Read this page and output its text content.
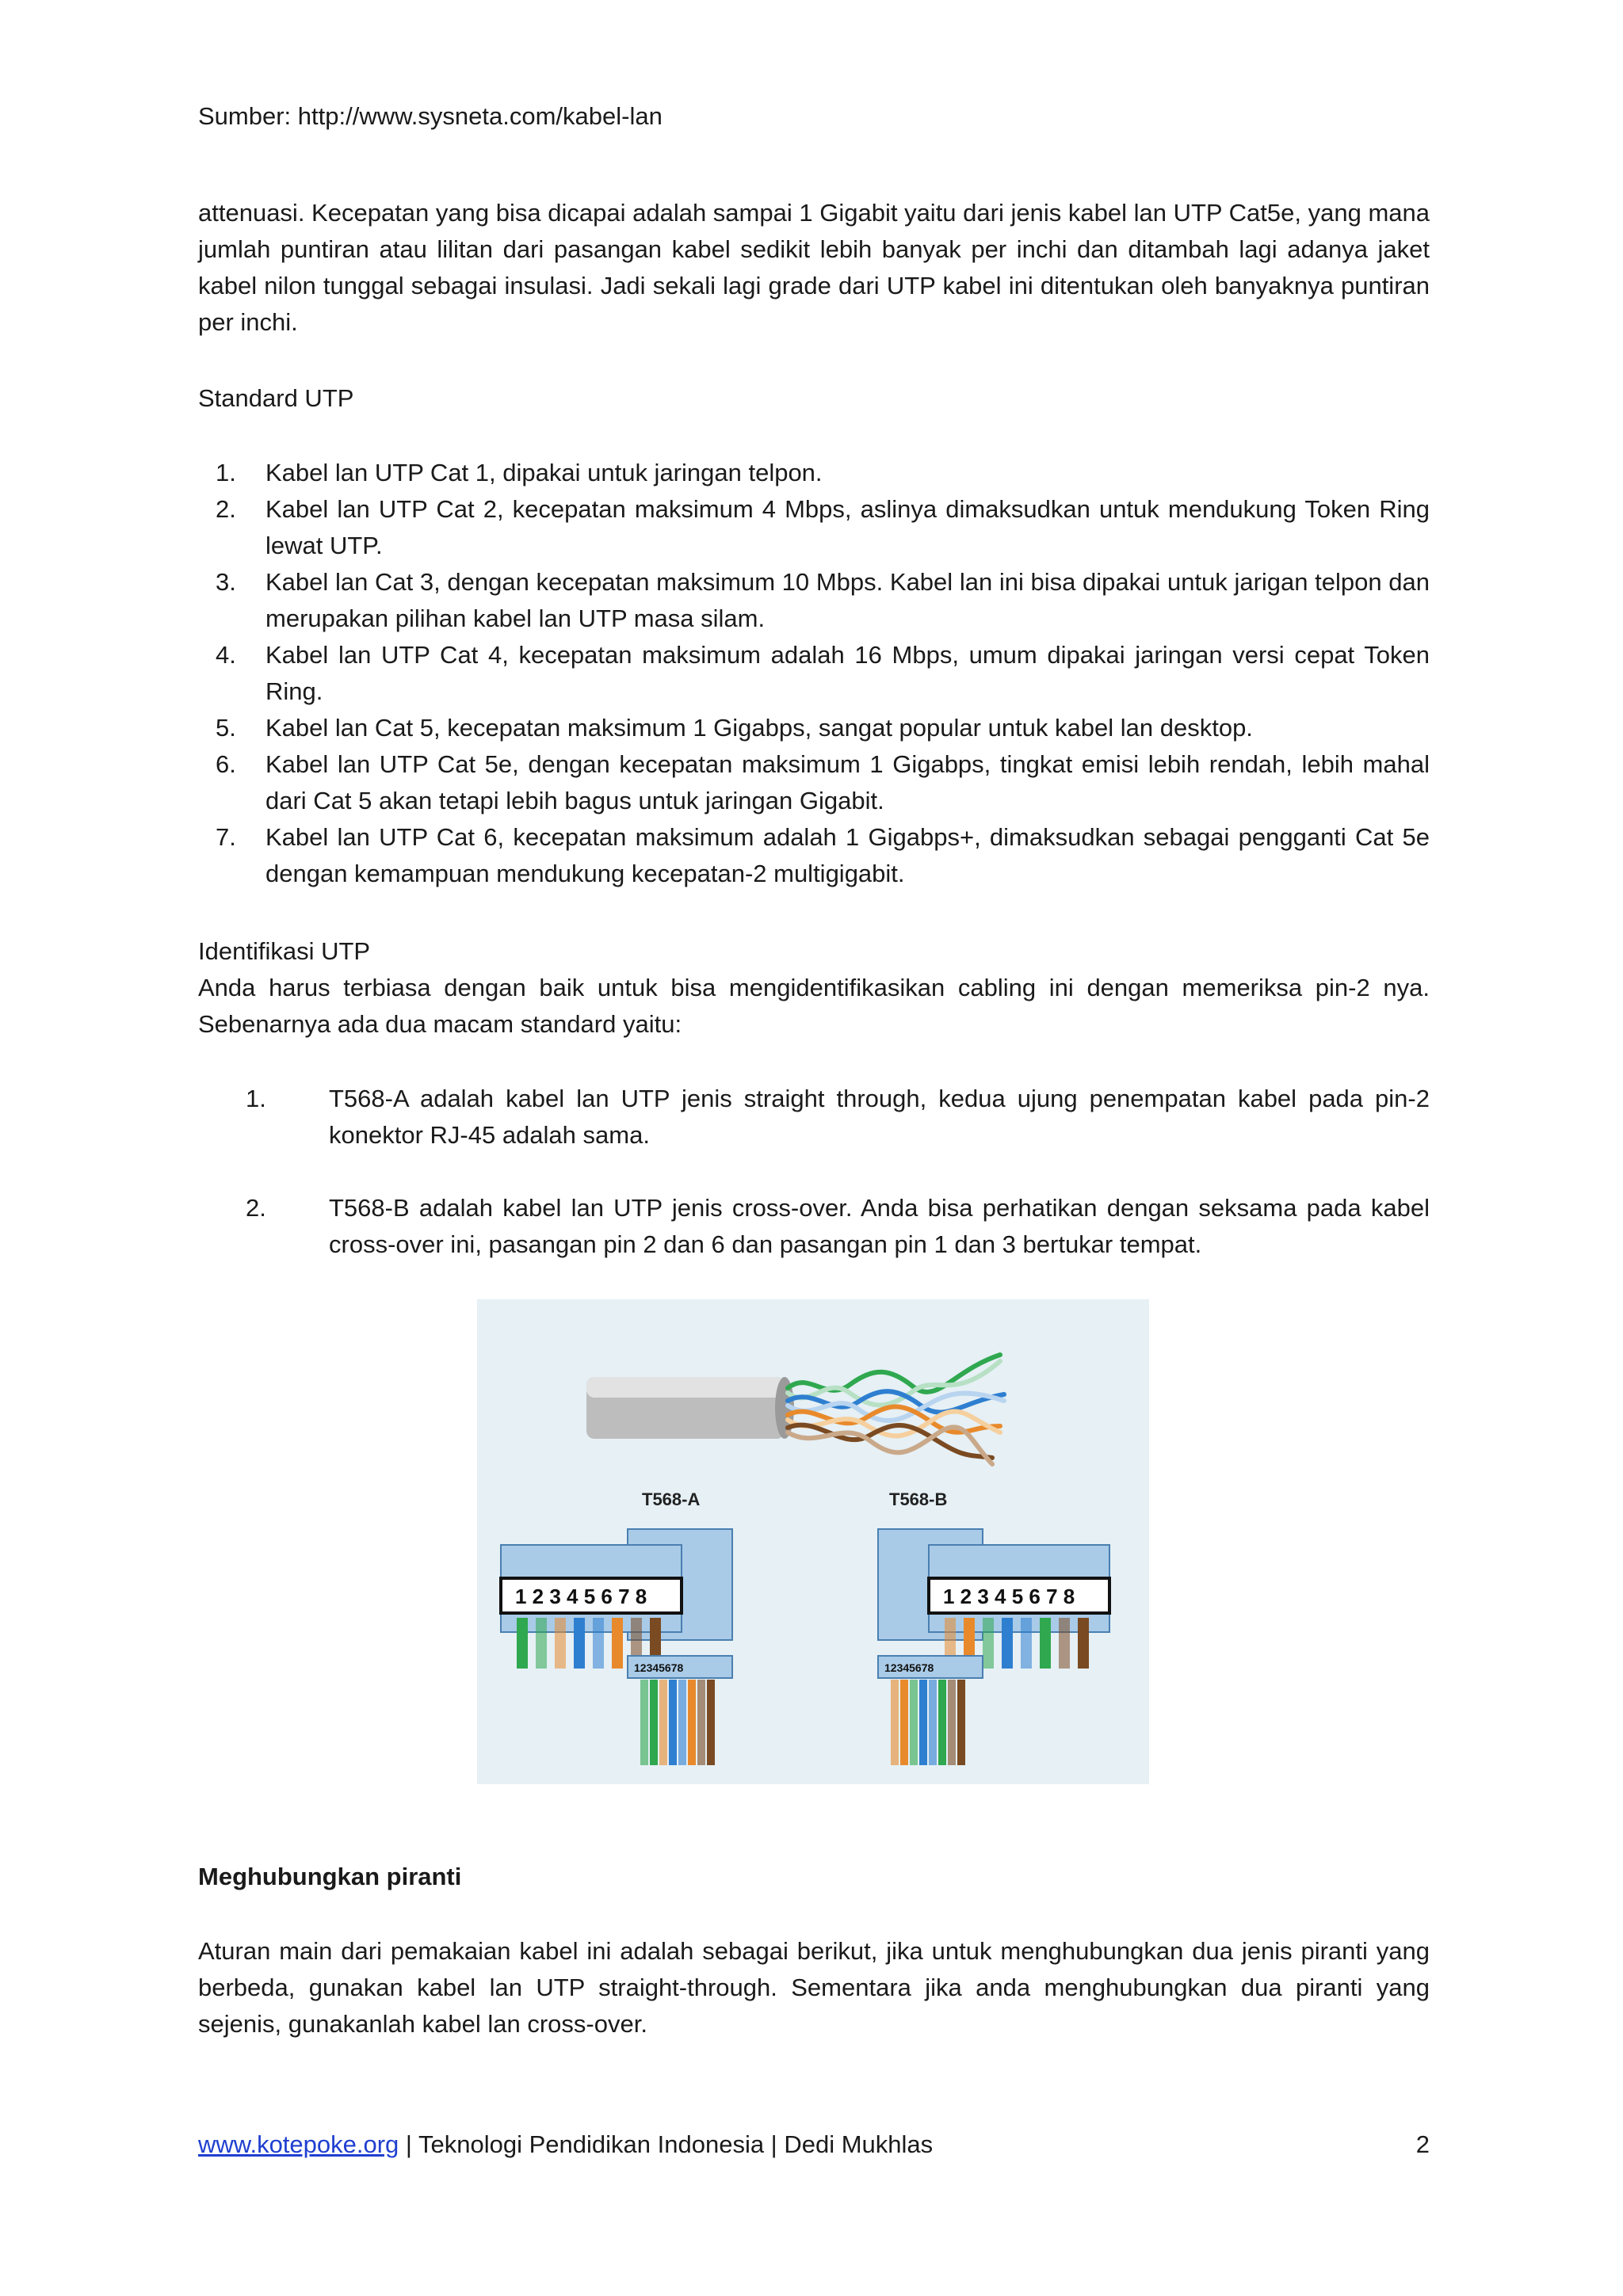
Sumber: http://www.sysneta.com/kabel-lan
attenuasi. Kecepatan yang bisa dicapai adalah sampai 1 Gigabit yaitu dari jenis kabel lan UTP Cat5e, yang mana jumlah puntiran atau lilitan dari pasangan kabel sedikit lebih banyak per inchi dan ditambah lagi adanya jaket kabel nilon tunggal sebagai insulasi. Jadi sekali lagi grade dari UTP kabel ini ditentukan oleh banyaknya puntiran per inchi.
Standard UTP
1. Kabel lan UTP Cat 1, dipakai untuk jaringan telpon.
2. Kabel lan UTP Cat 2, kecepatan maksimum 4 Mbps, aslinya dimaksudkan untuk mendukung Token Ring lewat UTP.
3. Kabel lan Cat 3, dengan kecepatan maksimum 10 Mbps. Kabel lan ini bisa dipakai untuk jarigan telpon dan merupakan pilihan kabel lan UTP masa silam.
4. Kabel lan UTP Cat 4, kecepatan maksimum adalah 16 Mbps, umum dipakai jaringan versi cepat Token Ring.
5. Kabel lan Cat 5, kecepatan maksimum 1 Gigabps, sangat popular untuk kabel lan desktop.
6. Kabel lan UTP Cat 5e, dengan kecepatan maksimum 1 Gigabps, tingkat emisi lebih rendah, lebih mahal dari Cat 5 akan tetapi lebih bagus untuk jaringan Gigabit.
7. Kabel lan UTP Cat 6, kecepatan maksimum adalah 1 Gigabps+, dimaksudkan sebagai pengganti Cat 5e dengan kemampuan mendukung kecepatan-2 multigigabit.
Identifikasi UTP
Anda harus terbiasa dengan baik untuk bisa mengidentifikasikan cabling ini dengan memeriksa pin-2 nya. Sebenarnya ada dua macam standard yaitu:
1.	T568-A adalah kabel lan UTP jenis straight through, kedua ujung penempatan kabel pada pin-2 konektor RJ-45 adalah sama.
2.	T568-B adalah kabel lan UTP jenis cross-over. Anda bisa perhatikan dengan seksama pada kabel cross-over ini, pasangan pin 2 dan 6 dan pasangan pin 1 dan 3 bertukar tempat.
T568-A
1 2 3 4 5 6 7 8
12345678
T568-B
1 2 3 4 5 6 7 8
12345678
Meghubungkan piranti
Aturan main dari pemakaian kabel ini adalah sebagai berikut, jika untuk menghubungkan dua jenis piranti yang berbeda, gunakan kabel lan UTP straight-through. Sementara jika anda menghubungkan dua piranti yang sejenis, gunakanlah kabel lan cross-over.
www.kotepoke.org | Teknologi Pendidikan Indonesia | Dedi Mukhlas	2
